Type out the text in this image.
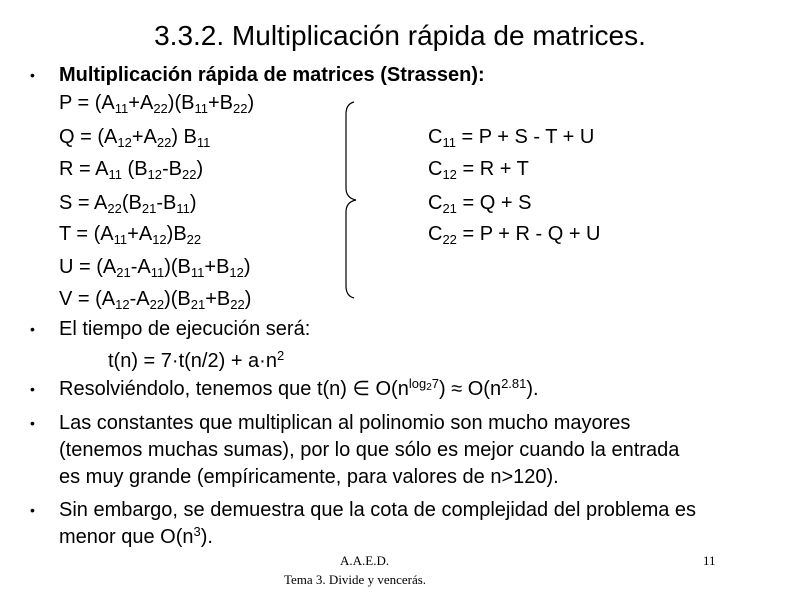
3.3.2. Multiplicación rápida de matrices.
•
•
•
•
•
Multiplicación rápida de matrices (Strassen):
$P = (A_{11}+A_{22})(B_{11}+B_{22})$
$Q = (A_{12}+A_{22})$ $B_{11}$
$R = A_{11}$ $(B_{12}-B_{22})$
$S = A_{22}(B_{21}-B_{11})$
$T = (A_{11}+A_{12})B_{22}$
$U = (A_{21}-A_{11})(B_{11}+B_{12})$
$V = (A_{12}-A_{22})(B_{21}+B_{22})$
$C_{11} = P + S - T + U$
$C_{12} = R + T$
$C_{21} = Q + S$
$C_{22} = P + R - Q + U$
El tiempo de ejecución será:
$t(n) = 7\cdot t(n/2) + a\cdot n^2$
Resolviéndolo, tenemos que t(n) ∈ $O(n^{log_27}) \approx O(n^{2.81})$.
Las constantes que multiplican al polinomio son mucho mayores
(tenemos muchas sumas), por lo que sólo es mejor cuando la entrada
es muy grande (empíricamente, para valores de n>120).
Sin embargo, se demuestra que la cota de complejidad del problema es
menor que $O(n^3)$.
A.A.E.D.
Tema 3. Divide y vencerás.
11
